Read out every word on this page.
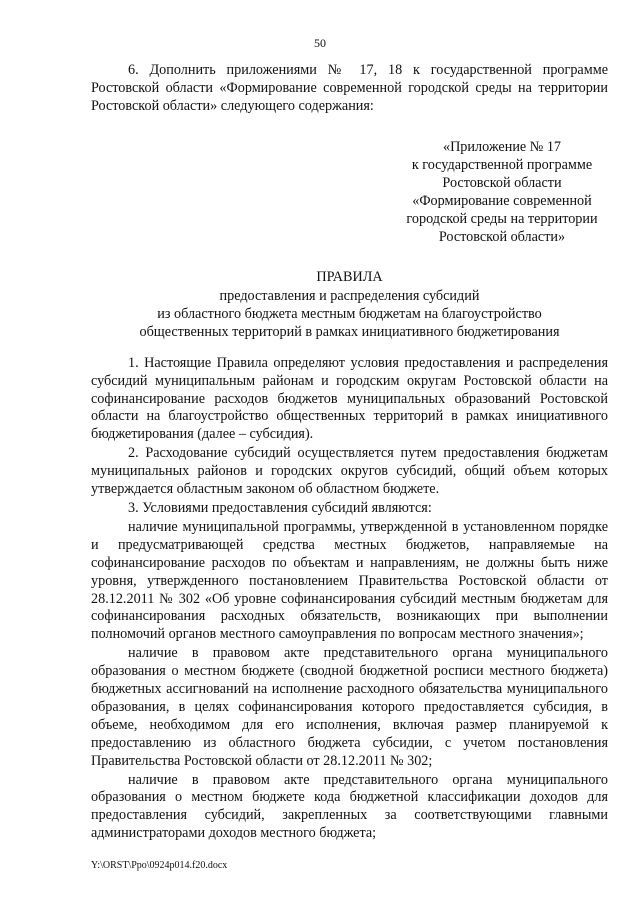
50

6. Дополнить приложениями № 17, 18 к государственной программе Ростовской области «Формирование современной городской среды на территории Ростовской области» следующего содержания:

«Приложение № 17
к государственной программе
Ростовской области
«Формирование современной
городской среды на территории
Ростовской области»
ПРАВИЛА
предоставления и распределения субсидий
из областного бюджета местным бюджетам на благоустройство
общественных территорий в рамках инициативного бюджетирования

1. Настоящие Правила определяют условия предоставления и распределения субсидий муниципальным районам и городским округам Ростовской области на софинансирование расходов бюджетов муниципальных образований Ростовской области на благоустройство общественных территорий в рамках инициативного бюджетирования (далее – субсидия).

2. Расходование субсидий осуществляется путем предоставления бюджетам муниципальных районов и городских округов субсидий, общий объем которых утверждается областным законом об областном бюджете.

3. Условиями предоставления субсидий являются:

наличие муниципальной программы, утвержденной в установленном порядке и предусматривающей средства местных бюджетов, направляемые на софинансирование расходов по объектам и направлениям, не должны быть ниже уровня, утвержденного постановлением Правительства Ростовской области от 28.12.2011 № 302 «Об уровне софинансирования субсидий местным бюджетам для софинансирования расходных обязательств, возникающих при выполнении полномочий органов местного самоуправления по вопросам местного значения»;

наличие в правовом акте представительного органа муниципального образования о местном бюджете (сводной бюджетной росписи местного бюджета) бюджетных ассигнований на исполнение расходного обязательства муниципального образования, в целях софинансирования которого предоставляется субсидия, в объеме, необходимом для его исполнения, включая размер планируемой к предоставлению из областного бюджета субсидии, с учетом постановления Правительства Ростовской области от 28.12.2011 № 302;

наличие в правовом акте представительного органа муниципального образования о местном бюджете кода бюджетной классификации доходов для предоставления субсидий, закрепленных за соответствующими главными администраторами доходов местного бюджета;

Y:\ORST\Ppo\0924p014.f20.docx
